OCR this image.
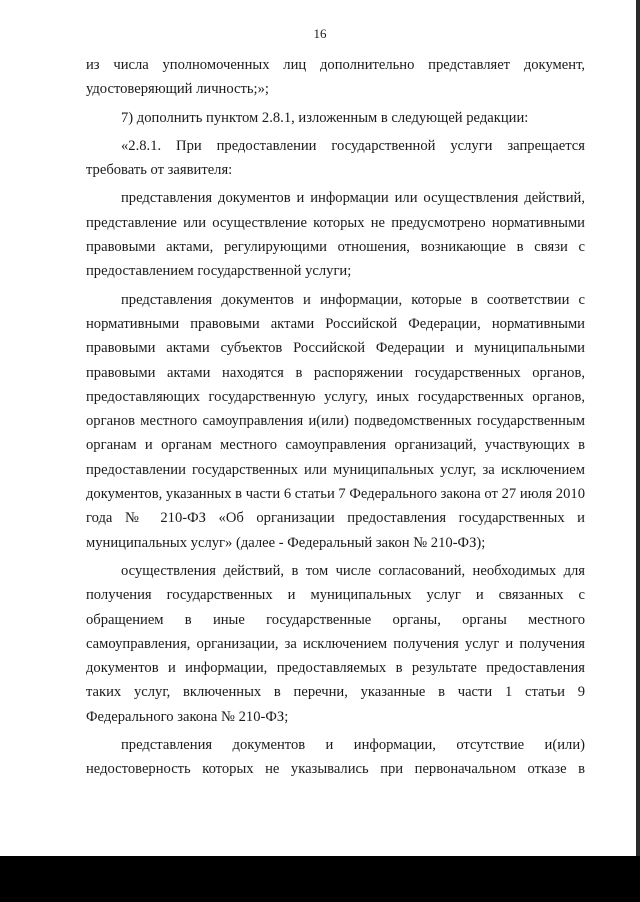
16

из числа уполномоченных лиц дополнительно представляет документ,

удостоверяющий личность;»;

7) дополнить пунктом 2.8.1, изложенным в следующей редакции:

«2.8.1. При предоставлении государственной услуги запрещается требовать от заявителя:

представления документов и информации или осуществления действий, представление или осуществление которых не предусмотрено нормативными правовыми актами, регулирующими отношения, возникающие в связи с предоставлением государственной услуги;

представления документов и информации, которые в соответствии с нормативными правовыми актами Российской Федерации, нормативными правовыми актами субъектов Российской Федерации и муниципальными правовыми актами находятся в распоряжении государственных органов, предоставляющих государственную услугу, иных государственных органов, органов местного самоуправления и(или) подведомственных государственным органам и органам местного самоуправления организаций, участвующих в предоставлении государственных или муниципальных услуг, за исключением документов, указанных в части 6 статьи 7 Федерального закона от 27 июля 2010 года № 210-ФЗ «Об организации предоставления государственных и муниципальных услуг» (далее - Федеральный закон № 210-ФЗ);

осуществления действий, в том числе согласований, необходимых для получения государственных и муниципальных услуг и связанных с обращением в иные государственные органы, органы местного самоуправления, организации, за исключением получения услуг и получения документов и информации, предоставляемых в результате предоставления таких услуг, включенных в перечни, указанные в части 1 статьи 9 Федерального закона № 210-ФЗ;

представления документов и информации, отсутствие и(или) недостоверность которых не указывались при первоначальном отказе в
